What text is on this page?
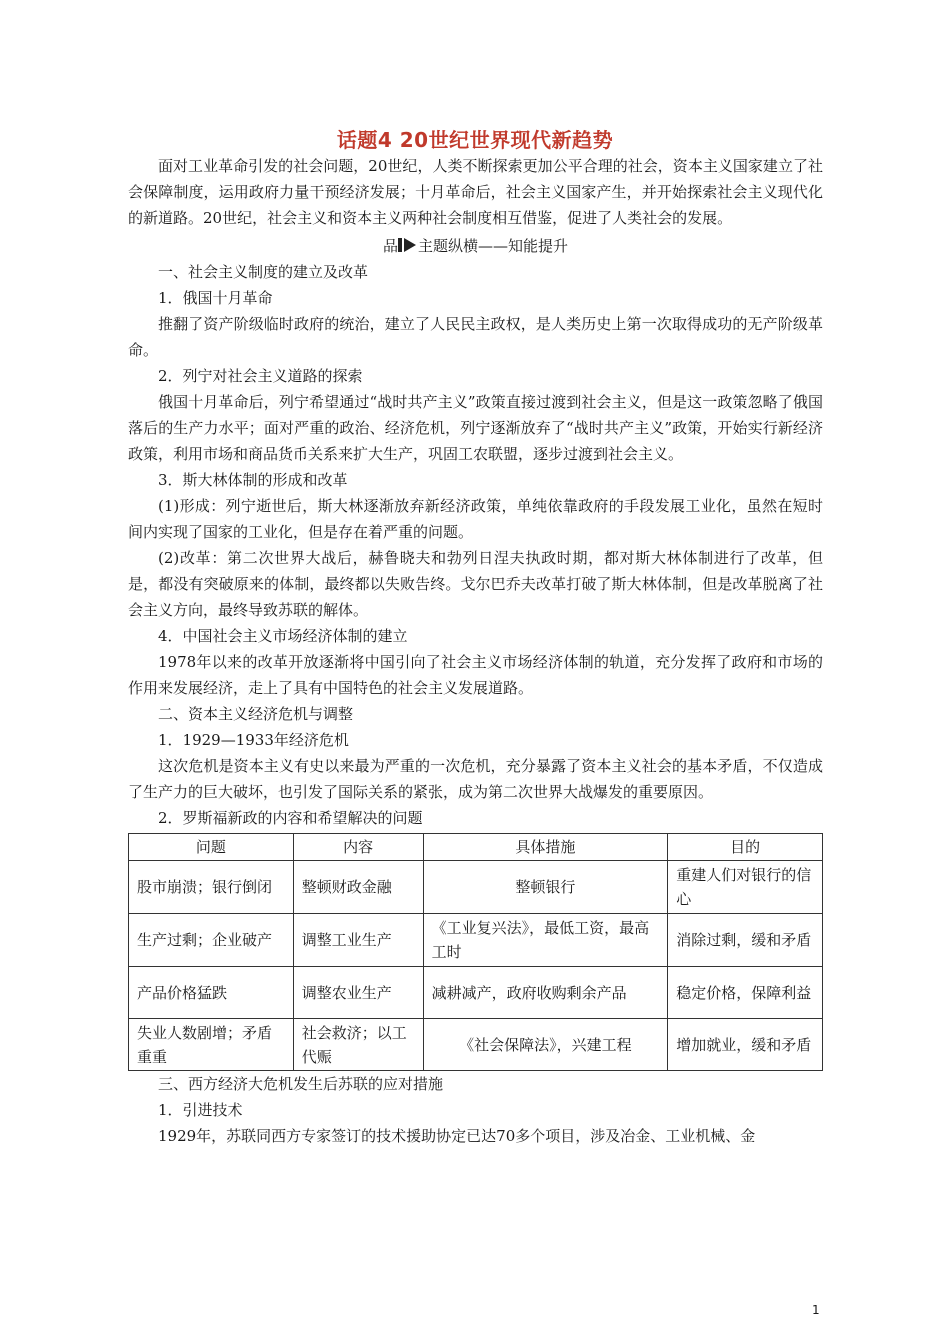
话题4 20世纪世界现代新趋势

面对工业革命引发的社会问题，20世纪，人类不断探索更加公平合理的社会，资本主义国家建立了社会保障制度，运用政府力量干预经济发展；十月革命后，社会主义国家产生，并开始探索社会主义现代化的新道路。20世纪，社会主义和资本主义两种社会制度相互借鉴，促进了人类社会的发展。

品 主题纵横——知能提升

一、社会主义制度的建立及改革

1．俄国十月革命

推翻了资产阶级临时政府的统治，建立了人民民主政权，是人类历史上第一次取得成功的无产阶级革命。

2．列宁对社会主义道路的探索

俄国十月革命后，列宁希望通过“战时共产主义”政策直接过渡到社会主义，但是这一政策忽略了俄国落后的生产力水平；面对严重的政治、经济危机，列宁逐渐放弃了“战时共产主义”政策，开始实行新经济政策，利用市场和商品货币关系来扩大生产，巩固工农联盟，逐步过渡到社会主义。

3．斯大林体制的形成和改革

(1)形成：列宁逝世后，斯大林逐渐放弃新经济政策，单纯依靠政府的手段发展工业化，虽然在短时间内实现了国家的工业化，但是存在着严重的问题。

(2)改革：第二次世界大战后，赫鲁晓夫和勃列日涅夫执政时期，都对斯大林体制进行了改革，但是，都没有突破原来的体制，最终都以失败告终。戈尔巴乔夫改革打破了斯大林体制，但是改革脱离了社会主义方向，最终导致苏联的解体。

4．中国社会主义市场经济体制的建立

1978年以来的改革开放逐渐将中国引向了社会主义市场经济体制的轨道，充分发挥了政府和市场的作用来发展经济，走上了具有中国特色的社会主义发展道路。

二、资本主义经济危机与调整

1．1929—1933年经济危机

这次危机是资本主义有史以来最为严重的一次危机，充分暴露了资本主义社会的基本矛盾，不仅造成了生产力的巨大破坏，也引发了国际关系的紧张，成为第二次世界大战爆发的重要原因。

2．罗斯福新政的内容和希望解决的问题

问题	内容	具体措施	目的
股市崩溃；银行倒闭	整顿财政金融	整顿银行	重建人们对银行的信心
生产过剩；企业破产	调整工业生产	《工业复兴法》，最低工资，最高工时	消除过剩，缓和矛盾
产品价格猛跌	调整农业生产	减耕减产，政府收购剩余产品	稳定价格，保障利益
失业人数剧增；矛盾重重	社会救济；以工代赈	《社会保障法》，兴建工程	增加就业，缓和矛盾

三、西方经济大危机发生后苏联的应对措施

1．引进技术

1929年，苏联同西方专家签订的技术援助协定已达70多个项目，涉及冶金、工业机械、金

1
